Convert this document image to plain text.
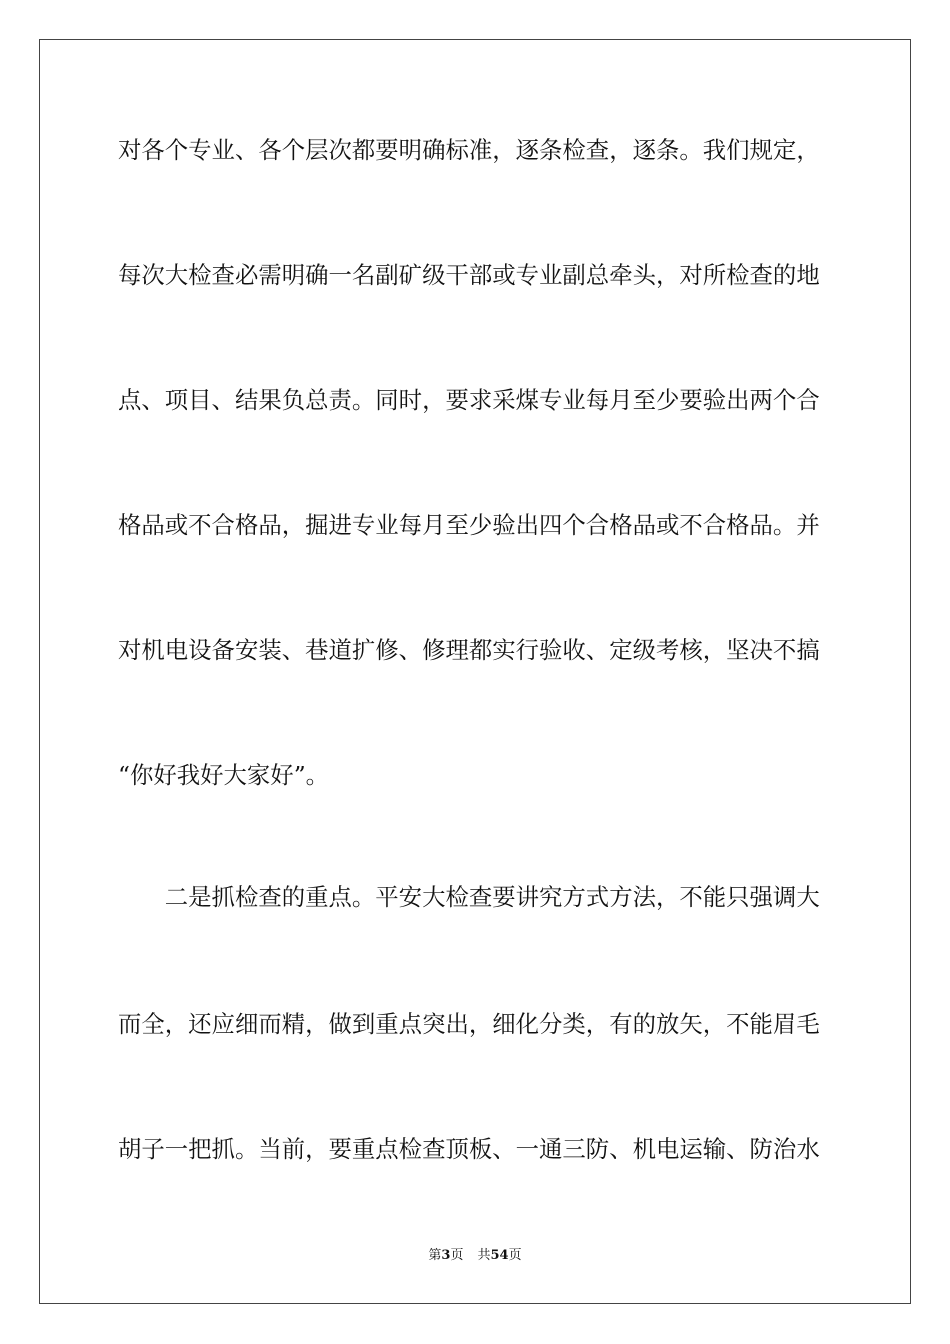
对各个专业、各个层次都要明确标准，逐条检查，逐条。我们规定，
每次大检查必需明确一名副矿级干部或专业副总牵头，对所检查的地
点、项目、结果负总责。同时，要求采煤专业每月至少要验出两个合
格品或不合格品，掘进专业每月至少验出四个合格品或不合格品。并
对机电设备安装、巷道扩修、修理都实行验收、定级考核，坚决不搞
“你好我好大家好”。
　　二是抓检查的重点。平安大检查要讲究方式方法，不能只强调大
而全，还应细而精，做到重点突出，细化分类，有的放矢，不能眉毛
胡子一把抓。当前，要重点检查顶板、一通三防、机电运输、防治水
第3页 共54页
